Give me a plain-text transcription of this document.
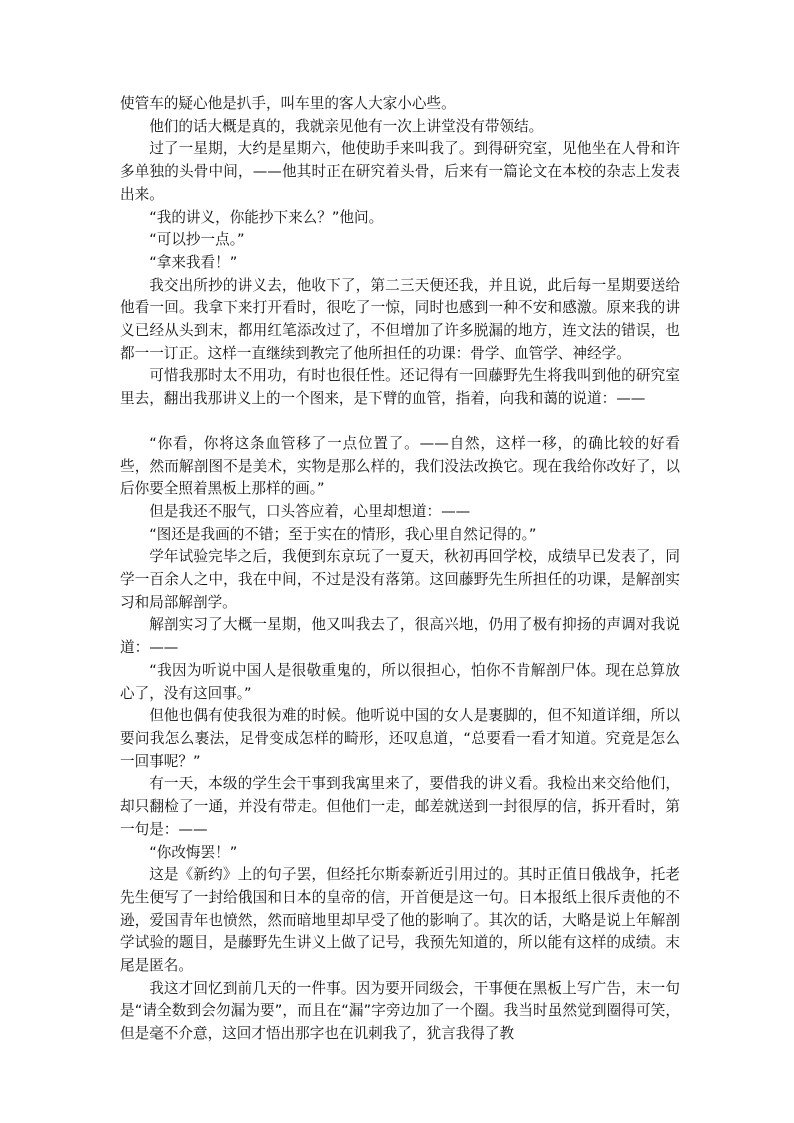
使管车的疑心他是扒手，叫车里的客人大家小心些。

他们的话大概是真的，我就亲见他有一次上讲堂没有带领结。

过了一星期，大约是星期六，他使助手来叫我了。到得研究室，见他坐在人骨和许多单独的头骨中间，——他其时正在研究着头骨，后来有一篇论文在本校的杂志上发表出来。

“我的讲义，你能抄下来么？”他问。

“可以抄一点。”

“拿来我看！”

我交出所抄的讲义去，他收下了，第二三天便还我，并且说，此后每一星期要送给他看一回。我拿下来打开看时，很吃了一惊，同时也感到一种不安和感激。原来我的讲义已经从头到末，都用红笔添改过了，不但增加了许多脱漏的地方，连文法的错误，也都一一订正。这样一直继续到教完了他所担任的功课：骨学、血管学、神经学。

可惜我那时太不用功，有时也很任性。还记得有一回藤野先生将我叫到他的研究室里去，翻出我那讲义上的一个图来，是下臂的血管，指着，向我和蔼的说道：——

“你看，你将这条血管移了一点位置了。——自然，这样一移，的确比较的好看些，然而解剖图不是美术，实物是那么样的，我们没法改换它。现在我给你改好了，以后你要全照着黑板上那样的画。”

但是我还不服气，口头答应着，心里却想道：——

“图还是我画的不错；至于实在的情形，我心里自然记得的。”

学年试验完毕之后，我便到东京玩了一夏天，秋初再回学校，成绩早已发表了，同学一百余人之中，我在中间，不过是没有落第。这回藤野先生所担任的功课，是解剖实习和局部解剖学。

解剖实习了大概一星期，他又叫我去了，很高兴地，仍用了极有抑扬的声调对我说道：——

“我因为听说中国人是很敬重鬼的，所以很担心，怕你不肯解剖尸体。现在总算放心了，没有这回事。”

但他也偶有使我很为难的时候。他听说中国的女人是裹脚的，但不知道详细，所以要问我怎么裹法，足骨变成怎样的畸形，还叹息道，“总要看一看才知道。究竟是怎么一回事呢？”

有一天，本级的学生会干事到我寓里来了，要借我的讲义看。我检出来交给他们，却只翻检了一通，并没有带走。但他们一走，邮差就送到一封很厚的信，拆开看时，第一句是：——

“你改悔罢！”

这是《新约》上的句子罢，但经托尔斯泰新近引用过的。其时正值日俄战争，托老先生便写了一封给俄国和日本的皇帝的信，开首便是这一句。日本报纸上很斥责他的不逊，爱国青年也愤然，然而暗地里却早受了他的影响了。其次的话，大略是说上年解剖学试验的题目，是藤野先生讲义上做了记号，我预先知道的，所以能有这样的成绩。末尾是匿名。

我这才回忆到前几天的一件事。因为要开同级会，干事便在黑板上写广告，末一句是“请全数到会勿漏为要”，而且在“漏”字旁边加了一个圈。我当时虽然觉到圈得可笑，但是毫不介意，这回才悟出那字也在讥刺我了，犹言我得了教
